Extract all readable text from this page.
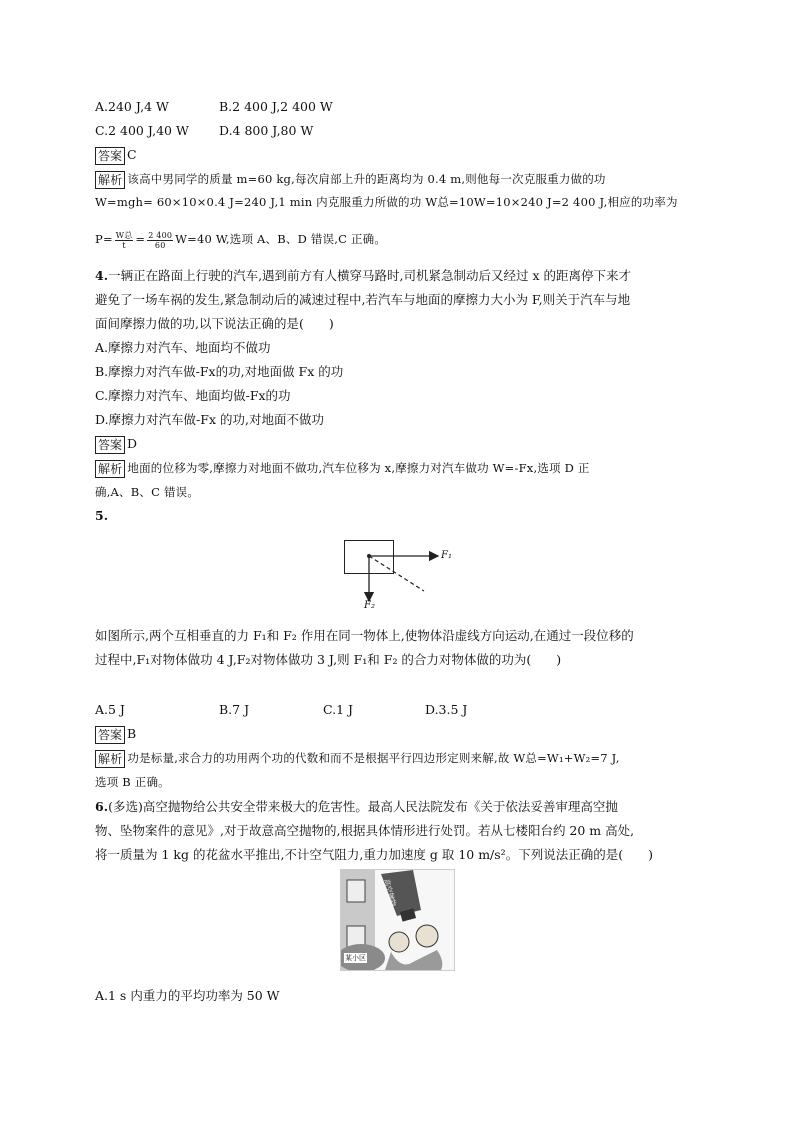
A.240 J,4 W	B.2 400 J,2 400 W
C.2 400 J,40 W D.4 800 J,80 W
答案 C
解析 该高中男同学的质量 m=60 kg,每次肩部上升的距离均为 0.4 m,则他每一次克服重力做的功
W=mgh= 60×10×0.4 J=240 J,1 min 内克服重力所做的功 W总=10W=10×240 J=2 400 J,相应的功率为
$P= \frac{\text{W总}}{t} = \frac{2 400}{60} W=40$ W,选项 A、B、D 错误,C 正确。
4.一辆正在路面上行驶的汽车,遇到前方有人横穿马路时,司机紧急制动后又经过 x 的距离停下来才
避免了一场车祸的发生,紧急制动后的减速过程中,若汽车与地面的摩擦力大小为 F,则关于汽车与地
面间摩擦力做的功,以下说法正确的是(　　)
A.摩擦力对汽车、地面均不做功
B.摩擦力对汽车做-Fx的功,对地面做 Fx 的功
C.摩擦力对汽车、地面均做-Fx的功
D.摩擦力对汽车做-Fx 的功,对地面不做功
答案 D
解析 地面的位移为零,摩擦力对地面不做功,汽车位移为 x,摩擦力对汽车做功 W=-Fx,选项 D 正
确,A、B、C 错误。
5.
F₁
F₂
如图所示,两个互相垂直的力 F₁和 F₂ 作用在同一物体上,使物体沿虚线方向运动,在通过一段位移的
过程中,F₁对物体做功 4 J,F₂对物体做功 3 J,则 F₁和 F₂ 的合力对物体做的功为(　　)
A.5 J	B.7 J	C.1 J	D.3.5 J
答案 B
解析 功是标量,求合力的功用两个功的代数和而不是根据平行四边形定则来解,故 W总=W₁+W₂=7 J,
选项 B 正确。
6.(多选)高空抛物给公共安全带来极大的危害性。最高人民法院发布《关于依法妥善审理高空抛
物、坠物案件的意见》,对于故意高空抛物的,根据具体情形进行处罚。若从七楼阳台约 20 m 高处,
将一质量为 1 kg 的花盆水平推出,不计空气阻力,重力加速度 g 取 10 m/s²。下列说法正确的是(　　)
高空抛物
某小区
A.1 s 内重力的平均功率为 50 W
